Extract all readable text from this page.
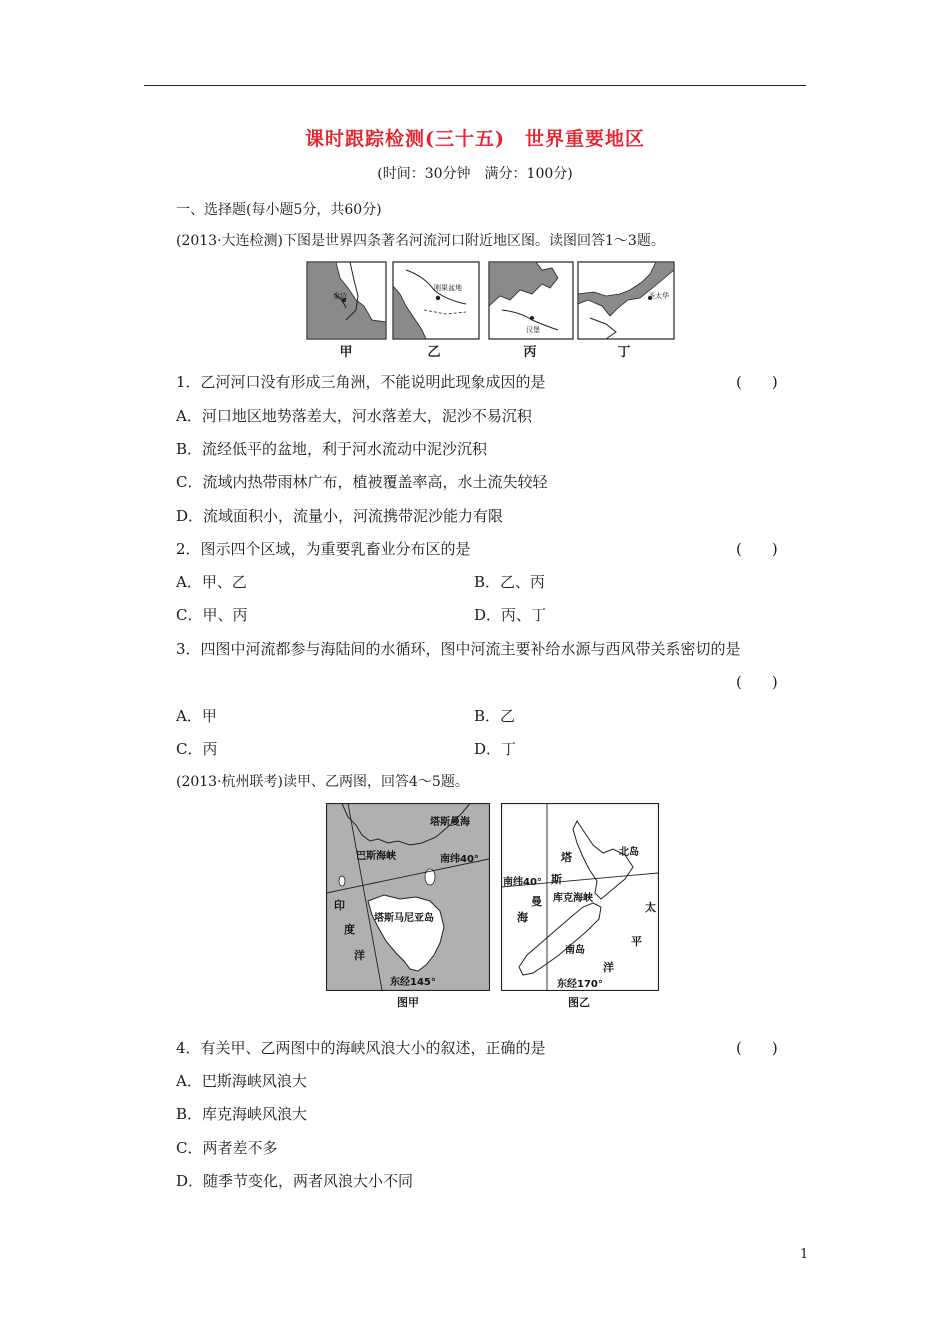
课时跟踪检测(三十五)　世界重要地区
(时间：30分钟　满分：100分)
一、选择题(每小题5分，共60分)
(2013·大连检测)下图是世界四条著名河流河口附近地区图。读图回答1～3题。
金边
刚果盆地
汉堡
圣太华
甲	乙	丙	丁
1．乙河河口没有形成三角洲，不能说明此现象成因的是	(　　)
A．河口地区地势落差大，河水落差大，泥沙不易沉积
B．流经低平的盆地，利于河水流动中泥沙沉积
C．流域内热带雨林广布，植被覆盖率高，水土流失较轻
D．流域面积小，流量小，河流携带泥沙能力有限
2．图示四个区域，为重要乳畜业分布区的是	(　　)
A．甲、乙	B．乙、丙
C．甲、丙	D．丙、丁
3．四图中河流都参与海陆间的水循环，图中河流主要补给水源与西风带关系密切的是
(　　)
A．甲	B．乙
C．丙	D．丁
(2013·杭州联考)读甲、乙两图，回答4～5题。
塔斯曼海
巴斯海峡	南纬40°
印
度
洋
塔斯马尼亚岛
东经145°
图甲
塔
斯
曼
海
北岛
南纬40°
库克海峡
太
平
洋
南岛
东经170°
图乙
4．有关甲、乙两图中的海峡风浪大小的叙述，正确的是	(　　)
A．巴斯海峡风浪大
B．库克海峡风浪大
C．两者差不多
D．随季节变化，两者风浪大小不同
1
